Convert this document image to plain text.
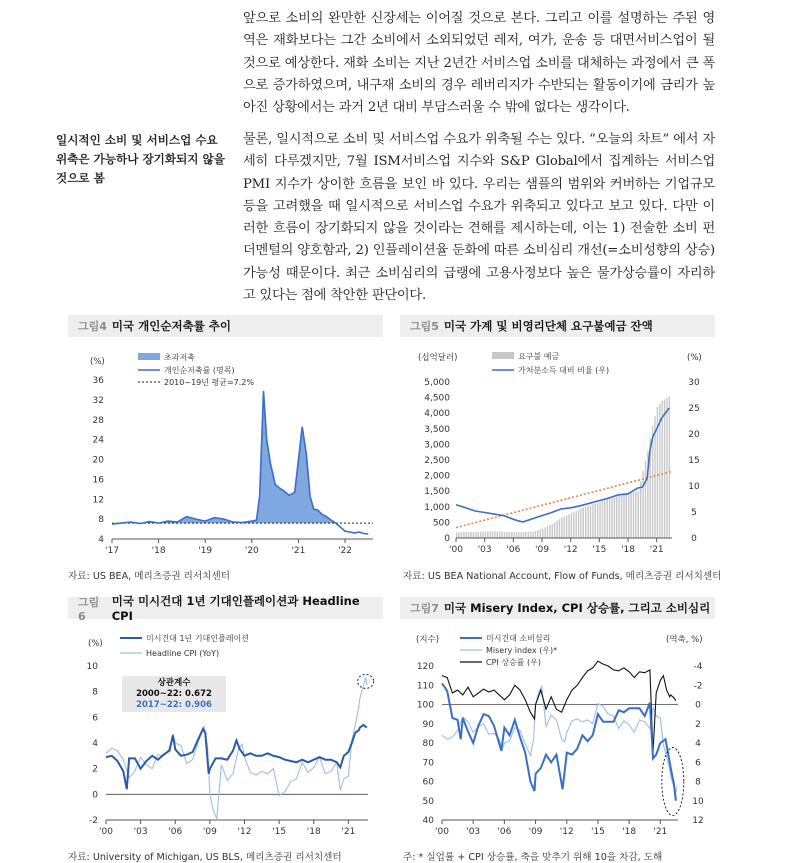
앞으로 소비의 완만한 신장세는 이어질 것으로 본다. 그리고 이를 설명하는 주된 영역은 재화보다는 그간 소비에서 소외되었던 레저, 여가, 운송 등 대면서비스업이 될 것으로 예상한다. 재화 소비는 지난 2년간 서비스업 소비를 대체하는 과정에서 큰 폭으로 증가하였으며, 내구재 소비의 경우 레버리지가 수반되는 활동이기에 금리가 높아진 상황에서는 과거 2년 대비 부담스러울 수 밖에 없다는 생각이다.

일시적인 소비 및 서비스업 수요 위축은 가능하나 장기화되지 않을 것으로 봄

물론, 일시적으로 소비 및 서비스업 수요가 위축될 수는 있다. “오늘의 차트” 에서 자세히 다루겠지만, 7월 ISM서비스업 지수와 S&P Global에서 집계하는 서비스업 PMI 지수가 상이한 흐름을 보인 바 있다. 우리는 샘플의 범위와 커버하는 기업규모 등을 고려했을 때 일시적으로 서비스업 수요가 위축되고 있다고 보고 있다. 다만 이러한 흐름이 장기화되지 않을 것이라는 견해를 제시하는데, 이는 1) 전술한 소비 펀더멘털의 양호함과, 2) 인플레이션율 둔화에 따른 소비심리 개선(=소비성향의 상승) 가능성 때문이다. 최근 소비심리의 급랭에 고용사정보다 높은 물가상승률이 자리하고 있다는 점에 착안한 판단이다.

그림4 미국 개인순저축률 추이
(%)
36
32
28
24
20
16
12
8
4
'17	'18	'19	'20	'21	'22
초과저축
개인순저축률 (명목)
2010~19년 평균=7.2%
자료: US BEA, 메리츠증권 리서치센터
그림5 미국 가계 및 비영리단체 요구불예금 잔액
(십억달러)	(%)
5,000
4,500
4,000
3,500
3,000
2,500
2,000
1,500
1,000
500
0
30
25
20
15
10
5
0
'00 '03 '06 '09 '12 '15 '18 '21
요구불 예금
가처분소득 대비 비율 (우)
자료: US BEA National Account, Flow of Funds, 메리츠증권 리서치센터
그림6
미국 미시건대 1년 기대인플레이션과 Headline CPI
(%)
10
8
6
4
2
0
-2
'00 '03 '06 '09 '12 '15 '18 '21
미시건대 1년 기대인플레이션
Headline CPI (YoY)
상관계수
2000~22: 0.672
2017~22: 0.906
자료: University of Michigan, US BLS, 메리츠증권 리서치센터
그림7 미국 Misery Index, CPI 상승률, 그리고 소비심리
(지수)	(역축, %)
120
110
100
90
80
70
60
50
40
-4
-2
0
2
4
6
8
10
12
'00 '03 '06 '09 '12 '15 '18 '21
미시건대 소비심리
Misery index (우)*
CPI 상승률 (우)
주: * 실업률 + CPI 상승률, 축을 맞추기 위해 10을 차감, 도해
